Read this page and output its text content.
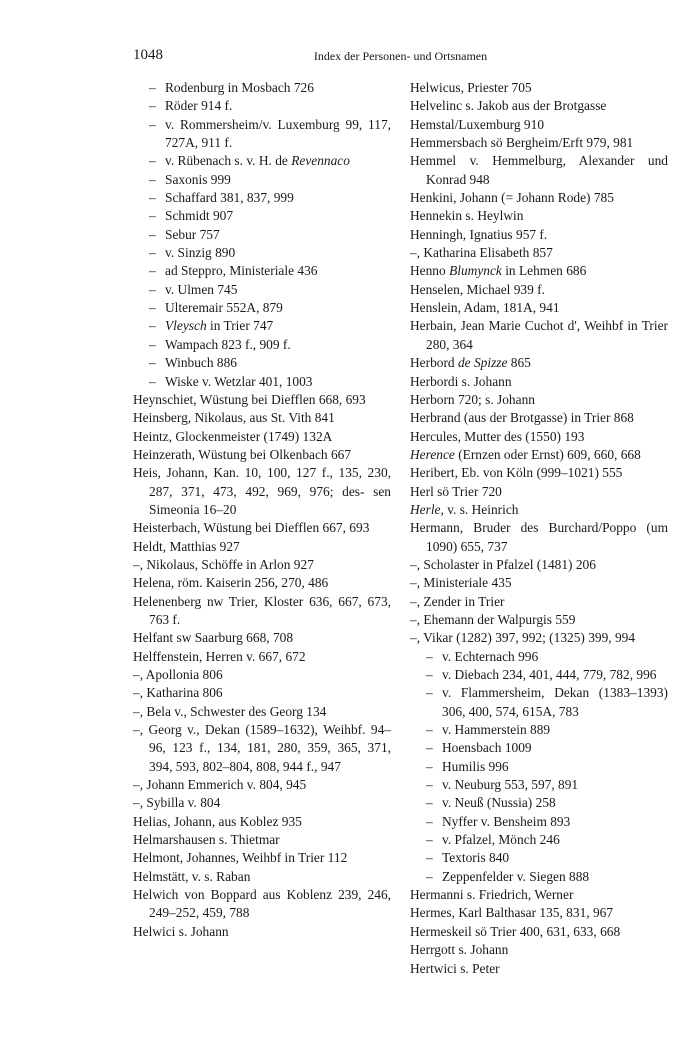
1048	Index der Personen- und Ortsnamen

– Rodenburg in Mosbach 726

– Röder 914 f.

– v. Rommersheim/v. Luxemburg 99, 117, 727A, 911 f.

– v. Rübenach s. v. H. de Revennaco

– Saxonis 999

– Schaffard 381, 837, 999

– Schmidt 907

– Sebur 757

– v. Sinzig 890

– ad Steppro, Ministeriale 436

– v. Ulmen 745

– Ulteremair 552A, 879

– Vleysch in Trier 747

– Wampach 823 f., 909 f.

– Winbuch 886

– Wiske v. Wetzlar 401, 1003

Heynschiet, Wüstung bei Diefflen 668, 693

Heinsberg, Nikolaus, aus St. Vith 841

Heintz, Glockenmeister (1749) 132A

Heinzerath, Wüstung bei Olkenbach 667

Heis, Johann, Kan. 10, 100, 127 f., 135, 230, 287, 371, 473, 492, 969, 976; des- sen Simeonia 16–20

Heisterbach, Wüstung bei Diefflen 667, 693

Heldt, Matthias 927

–, Nikolaus, Schöffe in Arlon 927

Helena, röm. Kaiserin 256, 270, 486

Helenenberg nw Trier, Kloster 636, 667, 673, 763 f.

Helfant sw Saarburg 668, 708

Helffenstein, Herren v. 667, 672

–, Apollonia 806

–, Katharina 806

–, Bela v., Schwester des Georg 134

–, Georg v., Dekan (1589–1632), Weihbf. 94–96, 123 f., 134, 181, 280, 359, 365, 371, 394, 593, 802–804, 808, 944 f., 947

–, Johann Emmerich v. 804, 945

–, Sybilla v. 804

Helias, Johann, aus Koblez 935

Helmarshausen s. Thietmar

Helmont, Johannes, Weihbf in Trier 112

Helmstätt, v. s. Raban

Helwich von Boppard aus Koblenz 239, 246, 249–252, 459, 788

Helwici s. Johann

Helwicus, Priester 705

Helvelinc s. Jakob aus der Brotgasse

Hemstal/Luxemburg 910

Hemmersbach sö Bergheim/Erft 979, 981

Hemmel v. Hemmelburg, Alexander und Konrad 948

Henkini, Johann (= Johann Rode) 785

Hennekin s. Heylwin

Henningh, Ignatius 957 f.

–, Katharina Elisabeth 857

Henno Blumynck in Lehmen 686

Henselen, Michael 939 f.

Henslein, Adam, 181A, 941

Herbain, Jean Marie Cuchot d', Weihbf in Trier 280, 364

Herbord de Spizze 865

Herbordi s. Johann

Herborn 720; s. Johann

Herbrand (aus der Brotgasse) in Trier 868

Hercules, Mutter des (1550) 193

Herence (Ernzen oder Ernst) 609, 660, 668

Heribert, Eb. von Köln (999–1021) 555

Herl sö Trier 720

Herle, v. s. Heinrich

Hermann, Bruder des Burchard/Poppo (um 1090) 655, 737

–, Scholaster in Pfalzel (1481) 206

–, Ministeriale 435

–, Zender in Trier

–, Ehemann der Walpurgis 559

–, Vikar (1282) 397, 992; (1325) 399, 994

– v. Echternach 996

– v. Diebach 234, 401, 444, 779, 782, 996

– v. Flammersheim, Dekan (1383–1393) 306, 400, 574, 615A, 783

– v. Hammerstein 889

– Hoensbach 1009

– Humilis 996

– v. Neuburg 553, 597, 891

– v. Neuß (Nussia) 258

– Nyffer v. Bensheim 893

– v. Pfalzel, Mönch 246

– Textoris 840

– Zeppenfelder v. Siegen 888

Hermanni s. Friedrich, Werner

Hermes, Karl Balthasar 135, 831, 967

Hermeskeil sö Trier 400, 631, 633, 668

Herrgott s. Johann

Hertwici s. Peter
